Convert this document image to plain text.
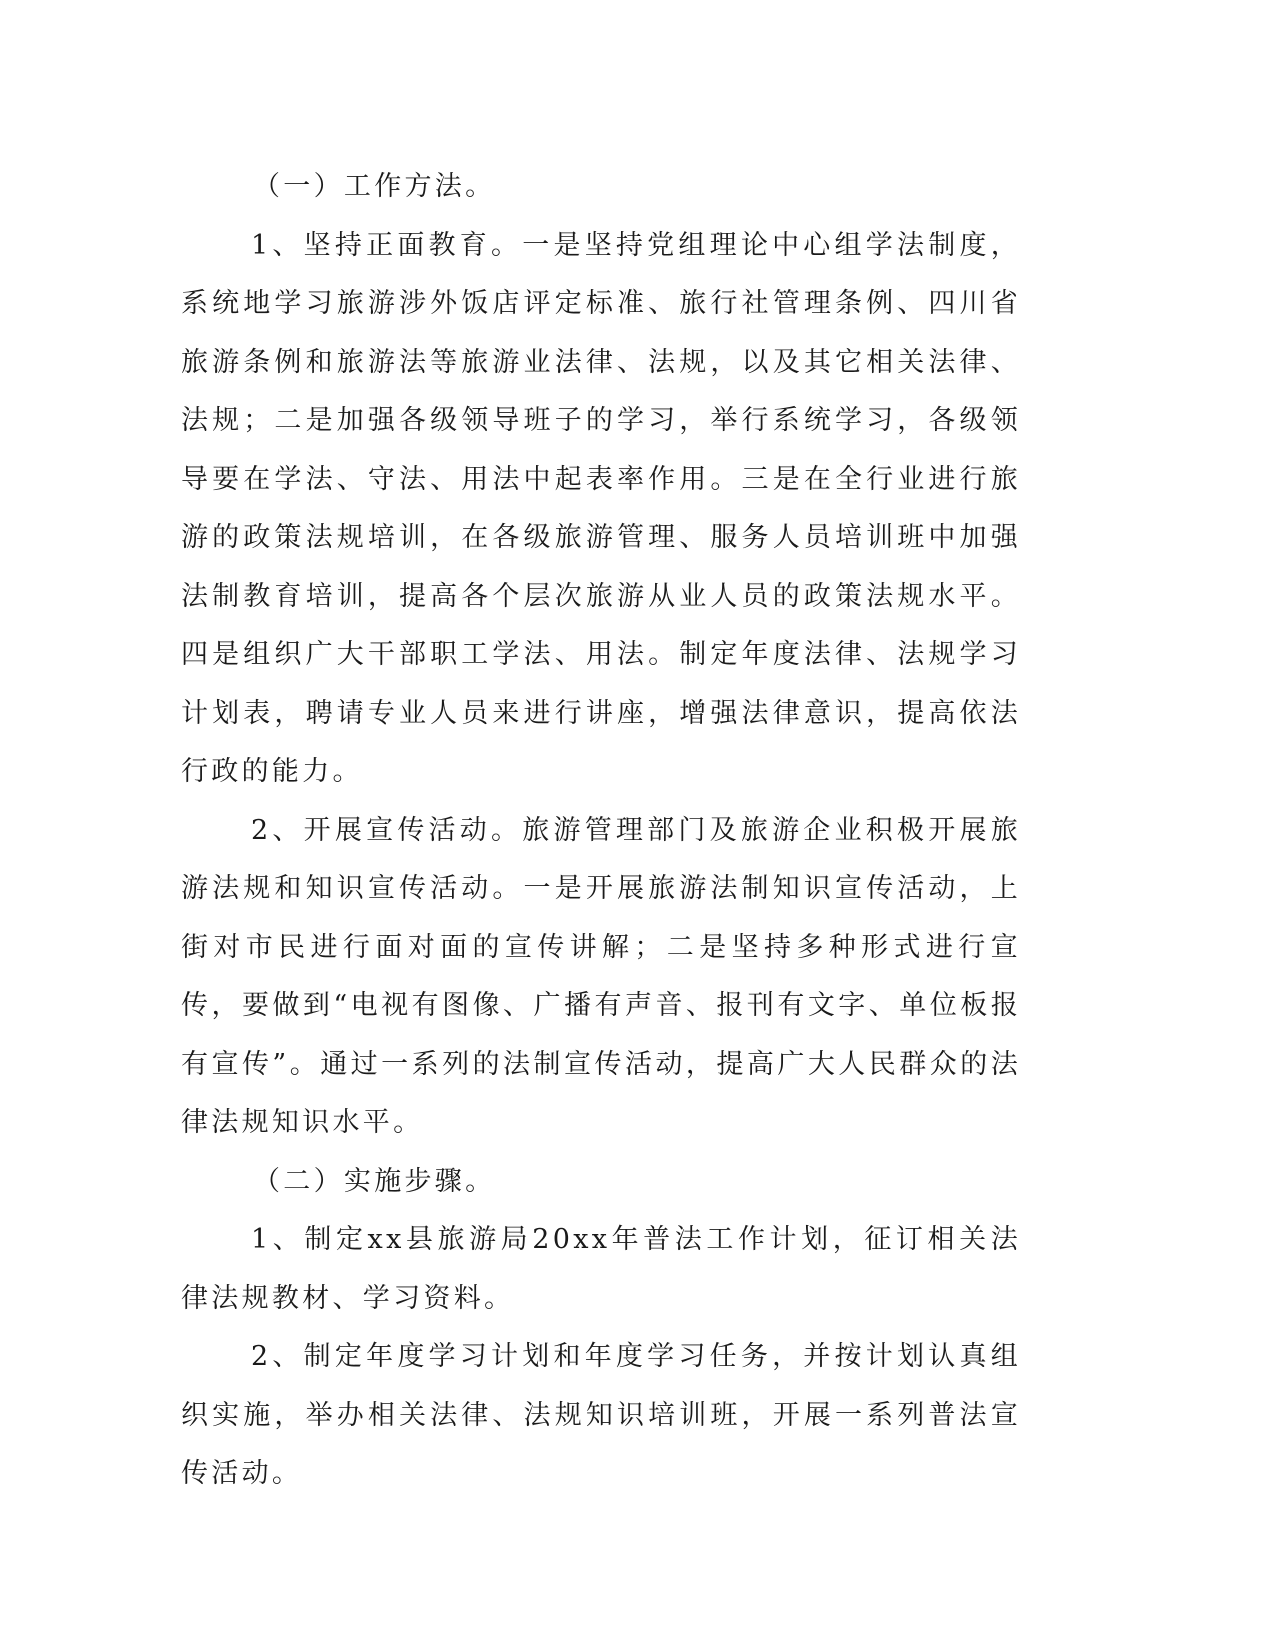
（一）工作方法。

1、坚持正面教育。一是坚持党组理论中心组学法制度，系统地学习旅游涉外饭店评定标准、旅行社管理条例、四川省旅游条例和旅游法等旅游业法律、法规，以及其它相关法律、法规；二是加强各级领导班子的学习，举行系统学习，各级领导要在学法、守法、用法中起表率作用。三是在全行业进行旅游的政策法规培训，在各级旅游管理、服务人员培训班中加强法制教育培训，提高各个层次旅游从业人员的政策法规水平。四是组织广大干部职工学法、用法。制定年度法律、法规学习计划表，聘请专业人员来进行讲座，增强法律意识，提高依法行政的能力。

2、开展宣传活动。旅游管理部门及旅游企业积极开展旅游法规和知识宣传活动。一是开展旅游法制知识宣传活动，上街对市民进行面对面的宣传讲解；二是坚持多种形式进行宣传，要做到“电视有图像、广播有声音、报刊有文字、单位板报有宣传”。通过一系列的法制宣传活动，提高广大人民群众的法律法规知识水平。

（二）实施步骤。

1、制定xx县旅游局20xx年普法工作计划，征订相关法律法规教材、学习资料。

2、制定年度学习计划和年度学习任务，并按计划认真组织实施，举办相关法律、法规知识培训班，开展一系列普法宣传活动。
